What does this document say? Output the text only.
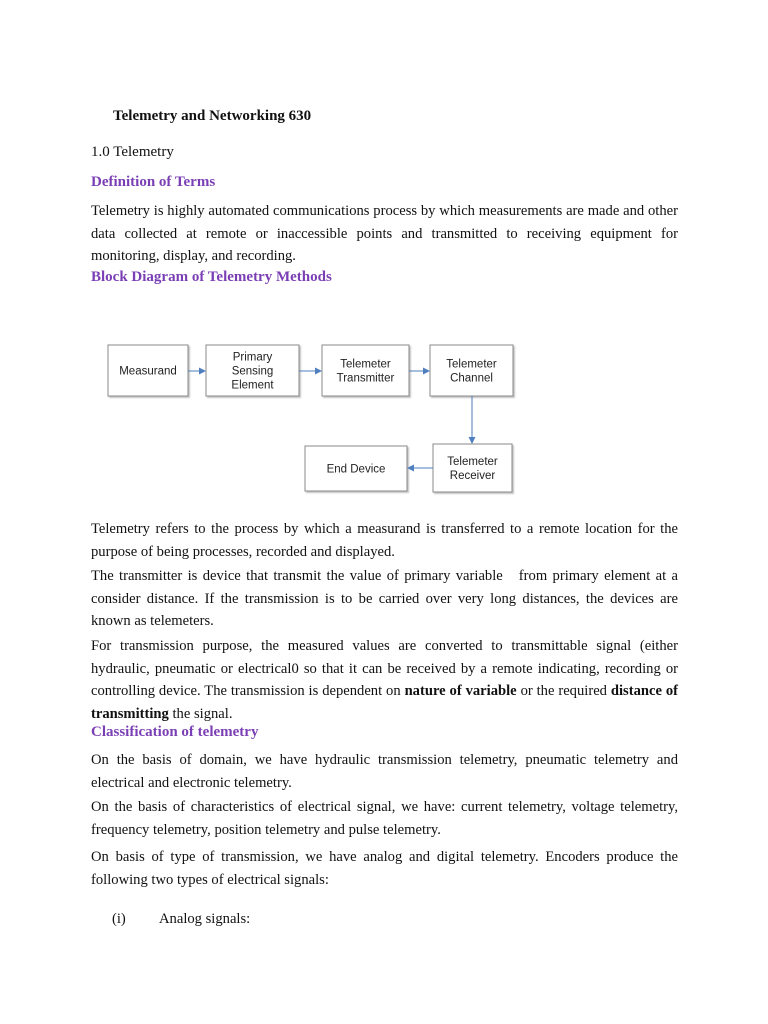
Telemetry and Networking 630

1.0 Telemetry

Definition of Terms

Telemetry is highly automated communications process by which measurements are made and other data collected at remote or inaccessible points and transmitted to receiving equipment for monitoring, display, and recording.

Block Diagram of Telemetry Methods
Measurand
Primary Sensing Element
Telemeter Transmitter
Telemeter Channel
Telemeter Receiver
End Device

Telemetry refers to the process by which a measurand is transferred to a remote location for the purpose of being processes, recorded and displayed.

The transmitter is device that transmit the value of primary variable   from primary element at a consider distance. If the transmission is to be carried over very long distances, the devices are known as telemeters.

For transmission purpose, the measured values are converted to transmittable signal (either hydraulic, pneumatic or electrical0 so that it can be received by a remote indicating, recording or controlling device. The transmission is dependent on nature of variable or the required distance of transmitting the signal.

Classification of telemetry

On the basis of domain, we have hydraulic transmission telemetry, pneumatic telemetry and electrical and electronic telemetry.

On the basis of characteristics of electrical signal, we have: current telemetry, voltage telemetry, frequency telemetry, position telemetry and pulse telemetry.

On basis of type of transmission, we have analog and digital telemetry. Encoders produce the following two types of electrical signals:

(i)	Analog signals:
